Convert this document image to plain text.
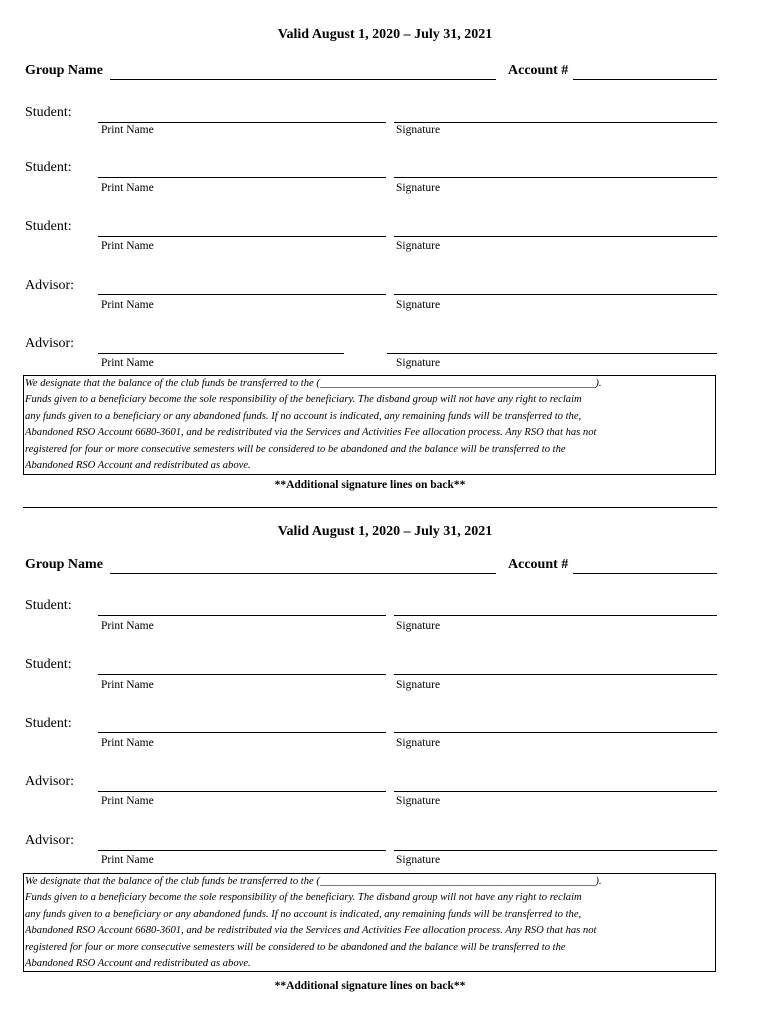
Valid August 1, 2020 – July 31, 2021
Group Name	Account #
Student:
Print Name	Signature
Student:
Print Name	Signature
Student:
Print Name	Signature
Advisor:
Print Name	Signature
Advisor:
Print Name	Signature
We designate that the balance of the club funds be transferred to the (____________________________________________________).
Funds given to a beneficiary become the sole responsibility of the beneficiary. The disband group will not have any right to reclaim
any funds given to a beneficiary or any abandoned funds. If no account is indicated, any remaining funds will be transferred to the,
Abandoned RSO Account 6680-3601, and be redistributed via the Services and Activities Fee allocation process. Any RSO that has not
registered for four or more consecutive semesters will be considered to be abandoned and the balance will be transferred to the
Abandoned RSO Account and redistributed as above.
**Additional signature lines on back**
Valid August 1, 2020 – July 31, 2021
Group Name	Account #
Student:
Print Name	Signature
Student:
Print Name	Signature
Student:
Print Name	Signature
Advisor:
Print Name	Signature
Advisor:
Print Name	Signature
We designate that the balance of the club funds be transferred to the (____________________________________________________).
Funds given to a beneficiary become the sole responsibility of the beneficiary. The disband group will not have any right to reclaim
any funds given to a beneficiary or any abandoned funds. If no account is indicated, any remaining funds will be transferred to the,
Abandoned RSO Account 6680-3601, and be redistributed via the Services and Activities Fee allocation process. Any RSO that has not
registered for four or more consecutive semesters will be considered to be abandoned and the balance will be transferred to the
Abandoned RSO Account and redistributed as above.
**Additional signature lines on back**
